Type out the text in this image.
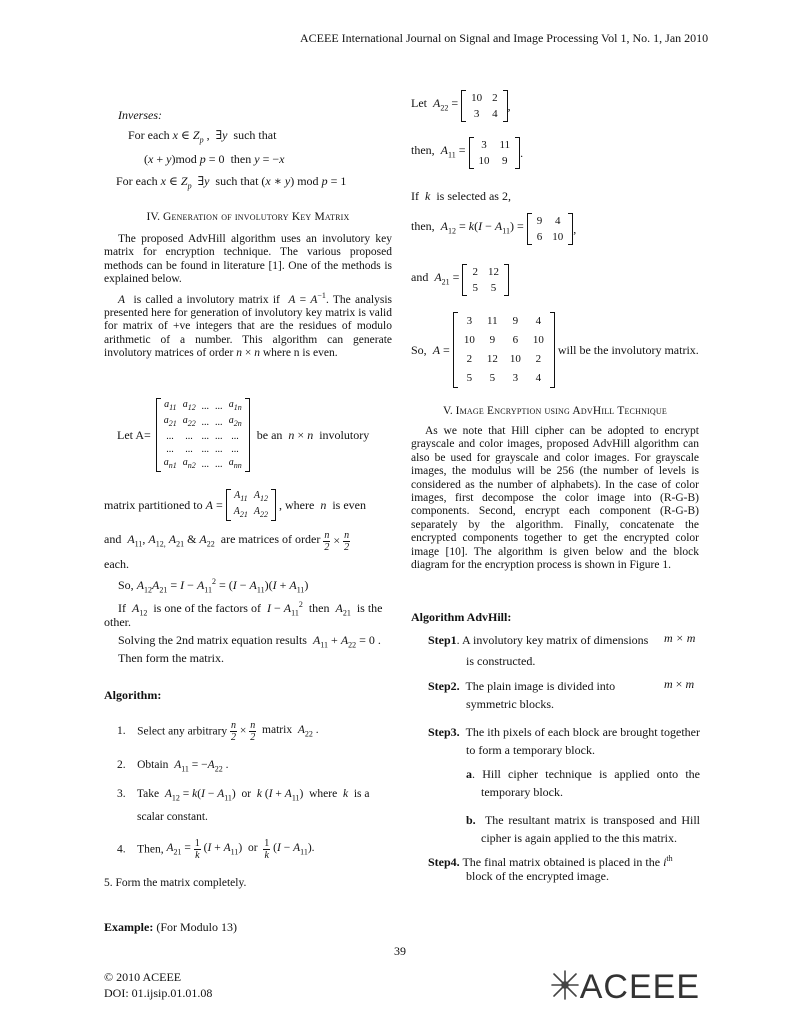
ACEEE International Journal on Signal and Image Processing Vol 1, No. 1, Jan 2010
Inverses:
For each x ∈ $Z_p$ ,  ∃y such that
(x + y)mod p = 0  then y = −x
For each x ∈ $Z_p$  ∃y such that (x ∗ y) mod p = 1
IV. Generation of involutory Key Matrix

The proposed AdvHill algorithm uses an involutory key matrix for encryption technique. The various proposed methods can be found in literature [1]. One of the methods is explained below.

A is called a involutory matrix if $A = A^{-1}$. The analysis presented here for generation of involutory key matrix is valid for matrix of +ve integers that are the residues of modulo arithmetic of a number. This algorithm can generate involutory matrices of order n × n where n is even.

Let A=
$a_{11}$	$a_{12}$	...	...	$a_{1n}$
$a_{21}$	$a_{22}$	...	...	$a_{2n}$
...	...	...	...	...
...	...	...	...	...
$a_{n1}$	$a_{n2}$	...	...	$a_{nn}$
be an n × n involutory
matrix partitioned to A =
$A_{11}$	$A_{12}$
$A_{21}$	$A_{22}$
, where n is even
and $A_{11}$, $A_{12,}$ $A_{21}$ & $A_{22}$ are matrices of order $\frac{n}{2} \times \frac{n}{2}$
each.
So, $A_{12}A_{21} = I - A_{11}^2 = (I - A_{11})(I + A_{11})$
If $A_{12}$ is one of the factors of $I - A_{11}^2$ then $A_{21}$ is the
other.
Solving the 2nd matrix equation results $A_{11} + A_{22} = 0$ .
Then form the matrix.
Algorithm:
1. Select any arbitrary $\frac{n}{2} \times \frac{n}{2}$ matrix $A_{22}$ .
2. Obtain $A_{11} = -A_{22}$ .
3. Take $A_{12} = k(I - A_{11})$  or k $(I + A_{11})$  where k is a
scalar constant.
4. Then, $A_{21} = \frac{1}{k} (I + A_{11})$  or $\frac{1}{k} (I - A_{11})$.
5. Form the matrix completely.
Example: (For Modulo 13)
Let $A_{22} = 10$	2
3	4
,
then, $A_{11} = 3$	11
10	9
.
If k is selected as 2,
then, $A_{12} = k(I - A_{11}) = 9$	4
6	10
,
and $A_{21} = 2$	12
5	5
So, A =
3	11	9	4
10	9	6	10
2	12	10	2
5	5	3	4
will be the involutory matrix.
V. Image Encryption using AdvHill Technique

As we note that Hill cipher can be adopted to encrypt grayscale and color images, proposed AdvHill algorithm can also be used for grayscale and color images. For grayscale images, the modulus will be 256 (the number of levels is considered as the number of alphabets). In the case of color images, first decompose the color image into (R-G-B) components. Second, encrypt each component (R-G-B) separately by the algorithm. Finally, concatenate the encrypted components together to get the encrypted color image [10]. The algorithm is given below and the block diagram for the encryption process is shown in Figure 1.

Algorithm AdvHill:
Step1. A involutory key matrix of dimensions m × m
is constructed.
Step2. The plain image is divided into	m × m
symmetric blocks.
Step3. The ith pixels of each block are brought together to form a temporary block.
a. Hill cipher technique is applied onto the temporary block.
b. The resultant matrix is transposed and Hill cipher is again applied to the this matrix.
Step4. The final matrix obtained is placed in the $i^{th}$
block of the encrypted image.
39
© 2010 ACEEE
DOI: 01.ijsip.01.01.08	ACEEE
